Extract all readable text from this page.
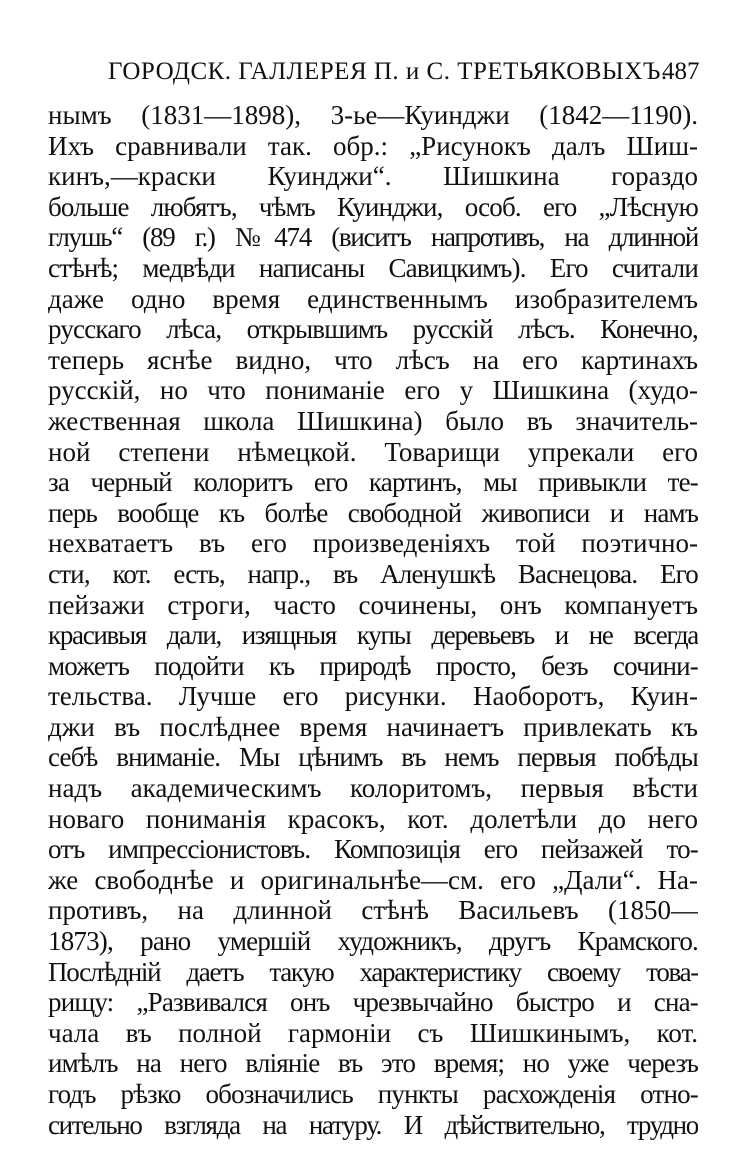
ГОРОДСК. ГАЛЛЕРЕЯ П. и С. ТРЕТЬЯКОВЫХЪ.
487
нымъ (1831—1898), 3-ье—Куинджи (1842—1190).
Ихъ сравнивали так. обр.: „Рисунокъ далъ Шиш-
кинъ,—краски Куинджи“. Шишкина гораздо
больше любятъ, чѣмъ Куинджи, особ. его „Лѣсную
глушь“ (89 г.) №474 (виситъ напротивъ, на длинной
стѣнѣ; медвѣди написаны Савицкимъ). Его считали
даже одно время единственнымъ изобразителемъ
русскаго лѣса, открывшимъ русскій лѣсъ. Конечно,
теперь яснѣе видно, что лѣсъ на его картинахъ
русскій, но что пониманіе его у Шишкина (худо-
жественная школа Шишкина) было въ значитель-
ной степени нѣмецкой. Товарищи упрекали его
за черный колоритъ его картинъ, мы привыкли те-
перь вообще къ болѣе свободной живописи и намъ
нехватаетъ въ его произведеніяхъ той поэтично-
сти, кот. есть, напр., въ Аленушкѣ Васнецова. Его
пейзажи строги, часто сочинены, онъ компануетъ
красивыя дали, изящныя купы деревьевъ и не всегда
можетъ подойти къ природѣ просто, безъ сочини-
тельства. Лучше его рисунки. Наоборотъ, Куин-
джи въ послѣднее время начинаетъ привлекать къ
себѣ вниманіе. Мы цѣнимъ въ немъ первыя побѣды
надъ академическимъ колоритомъ, первыя вѣсти
новаго пониманія красокъ, кот. долетѣли до него
отъ импрессіонистовъ. Композиція его пейзажей то-
же свободнѣе и оригинальнѣе—см. его „Дали“. На-
противъ, на длинной стѣнѣ Васильевъ (1850—
1873), рано умершій художникъ, другъ Крамского.
Послѣдній даетъ такую характеристику своему това-
рищу: „Развивался онъ чрезвычайно быстро и сна-
чала въ полной гармоніи съ Шишкинымъ, кот.
имѣлъ на него вліяніе въ это время; но уже черезъ
годъ рѣзко обозначились пункты расхожденія отно-
сительно взгляда на натуру. И дѣйствительно, трудно
